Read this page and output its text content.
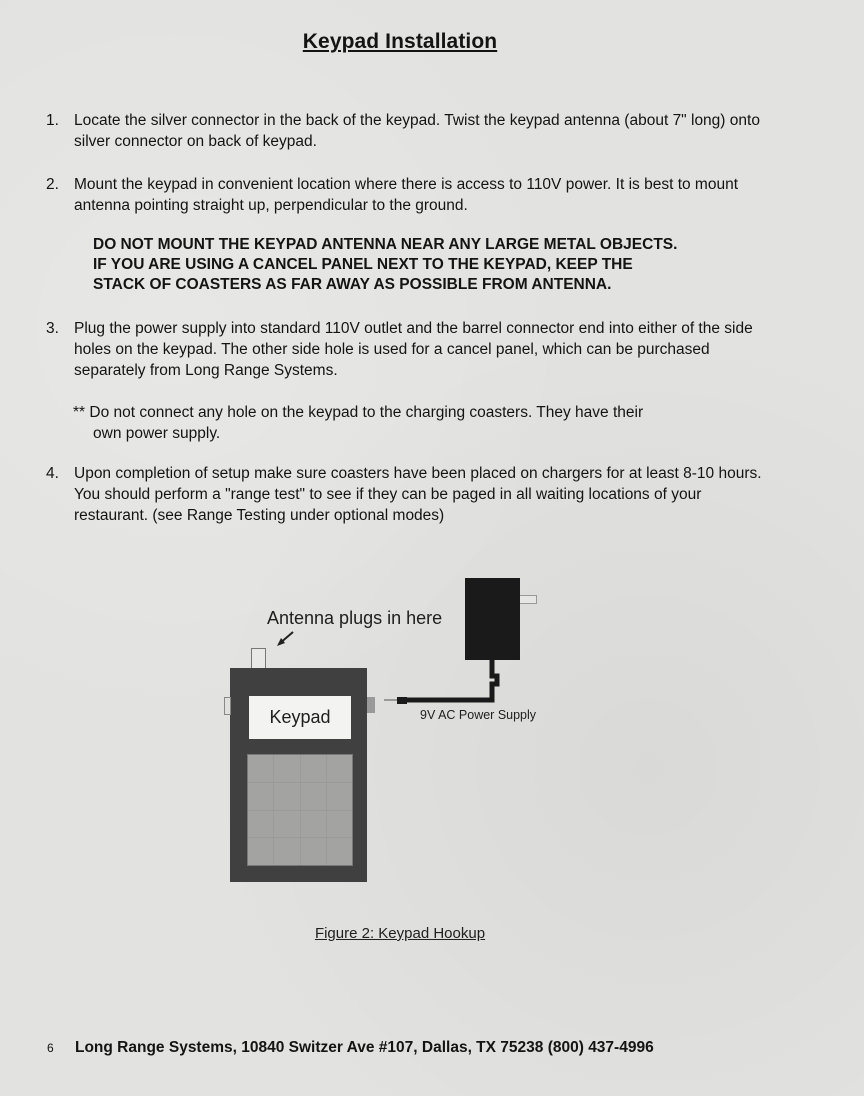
Keypad Installation
1. Locate the silver connector in the back of the keypad. Twist the keypad antenna (about 7" long) onto silver connector on back of keypad.
2. Mount the keypad in convenient location where there is access to 110V power. It is best to mount antenna pointing straight up, perpendicular to the ground.
DO NOT MOUNT THE KEYPAD ANTENNA NEAR ANY LARGE METAL OBJECTS.
IF YOU ARE USING A CANCEL PANEL NEXT TO THE KEYPAD, KEEP THE
STACK OF COASTERS AS FAR AWAY AS POSSIBLE FROM ANTENNA.
3. Plug the power supply into standard 110V outlet and the barrel connector end into either of the side holes on the keypad. The other side hole is used for a cancel panel, which can be purchased separately from Long Range Systems.
** Do not connect any hole on the keypad to the charging coasters. They have their
own power supply.
4. Upon completion of setup make sure coasters have been placed on chargers for at least 8-10 hours. You should perform a "range test" to see if they can be paged in all waiting locations of your restaurant. (see Range Testing under optional modes)
Antenna plugs in here
Keypad	9V AC Power Supply
Figure 2: Keypad Hookup
6 Long Range Systems, 10840 Switzer Ave #107, Dallas, TX 75238 (800) 437-4996
